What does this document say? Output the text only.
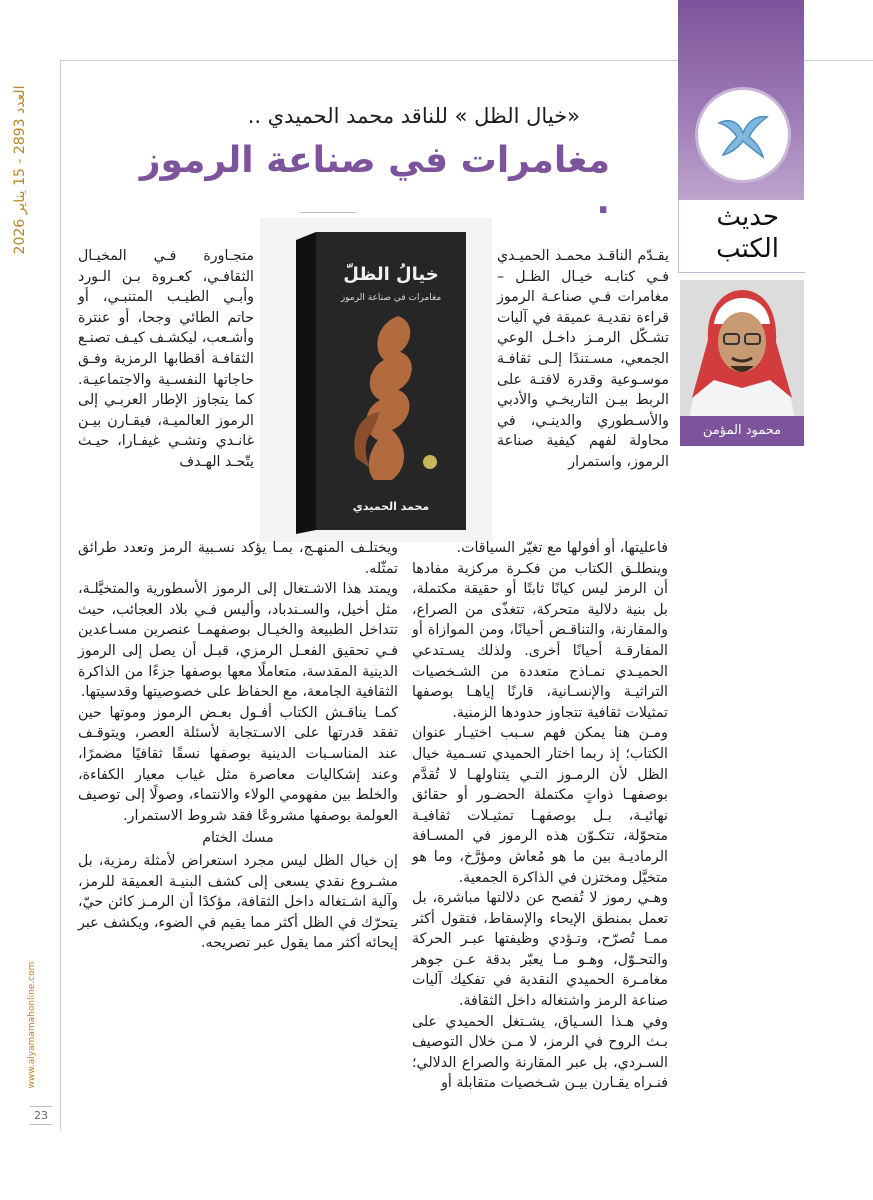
العدد 2893 - 15 يناير 2026
www.alyamamahonline.com
23
حديث
الكتب
محمود المؤمن
«خيال الظل » للناقد محمد الحميدي ..
مغامرات في صناعة الرموز .
خيالُ الظلّ
مغامرات في صناعة الرموز
محمد الحميدي

يقـدّم الناقـد محمـد الحميـدي فـي كتابـه خيـال الظـل – مغامرات فـي صناعـة الرموز قراءة نقديـة عميقة في آليات تشـكّل الرمـز داخـل الوعي الجمعي، مسـتندًا إلـى ثقافـة موسـوعية وقدرة لافتـة على الربط بيـن التاريخـي والأدبي والأسـطوري والدينـي، في محاولة لفهم كيفية صناعة الرموز، واستمرار

متجـاورة فـي المخيـال الثقافـي، كعـروة بـن الـورد وأبـي الطيـب المتنبـي، أو حاتم الطائي وجحا، أو عنترة وأشـعب، ليكشـف كيـف تصنـع الثقافـة أقطابها الرمزية وفـق حاجاتها النفسـية والاجتماعيـة. كما يتجاوز الإطار العربـي إلى الرموز العالميـة، فيقـارن بيـن غانـدي وتشـي غيفـارا، حيـث يتّحـد الهـدف

فاعليتها، أو أفولها مع تغيّر السياقات.

وينطلـق الكتاب من فكـرة مركزية مفادها أن الرمز ليس كيانًا ثابتًا أو حقيقة مكتملة، بل بنية دلالية متحركة، تتغذّى من الصراع، والمقارنة، والتناقـض أحيانًا، ومن الموازاة أو المفارقـة أحيانًا أخرى. ولذلك يسـتدعي الحميـدي نمـاذج متعددة من الشـخصيات التراثيـة والإنسـانية، قارنًا إياهـا بوصفها تمثيلات ثقافية تتجاوز حدودها الزمنية.

ومـن هنا يمكن فهم سـبب اختيـار عنوان الكتاب؛ إذ ربما اختار الحميدي تسـمية خيال الظل لأن الرمـوز التـي يتناولهـا لا تُقدَّم بوصفهـا ذواتٍ مكتملة الحضـور أو حقائق نهائيـة، بـل بوصفهـا تمثيـلات ثقافيـة متحوّلة، تتكـوّن هذه الرموز في المسـافة الرماديـة بين ما هو مُعاش ومؤرَّخ، وما هو متخيَّل ومختزن في الذاكرة الجمعية.

وهـي رموز لا تُفصح عن دلالتها مباشرة، بل تعمل بمنطق الإيحاء والإسقاط، فتقول أكثر ممـا تُصرّح، وتـؤدي وظيفتها عبـر الحركة والتحـوّل، وهـو مـا يعبّر بدقة عـن جوهر مغامـرة الحميدي النقدية في تفكيك آليات صناعة الرمز واشتغاله داخل الثقافة.

وفي هـذا السـياق، يشـتغل الحميدي على بـث الروح في الرمز، لا مـن خلال التوصيف السـردي، بل عبر المقارنة والصراع الدلالي؛ فنـراه يقـارن بيـن شـخصيات متقابلة أو

ويختلـف المنهـج، بمـا يؤكد نسـبية الرمز وتعدد طرائق تمثّله.

ويمتد هذا الاشـتغال إلى الرموز الأسطورية والمتخيَّلـة، مثل أخيل، والسـندباد، وأليس فـي بلاد العجائب، حيث تتداخل الطبيعة والخيـال بوصفهمـا عنصرين مسـاعدين فـي تحقيق الفعـل الرمزي، قبـل أن يصل إلى الرموز الدينية المقدسة، متعاملًا معها بوصفها جزءًا من الذاكرة الثقافية الجامعة، مع الحفاظ على خصوصيتها وقدسيتها.

كمـا يناقـش الكتاب أفـول بعـض الرموز وموتها حين تفقد قدرتها على الاسـتجابة لأسئلة العصر، ويتوقـف عند المناسـبات الدينية بوصفها نسقًا ثقافيًا مضمرًا، وعند إشكاليات معاصرة مثل غياب معيار الكفاءة، والخلط بين مفهومي الولاء والانتماء، وصولًا إلى توصيف العولمة بوصفها مشروعًا فقد شروط الاستمرار.

مسك الختام

إن خيال الظل ليس مجرد استعراض لأمثلة رمزية، بل مشـروع نقدي يسعى إلى كشف البنيـة العميقة للرمز، وآلية اشـتغاله داخل الثقافة، مؤكدًا أن الرمـز كائن حيّ، يتحرّك في الظل أكثر مما يقيم في الضوء، ويكشف عبر إيحائه أكثر مما يقول عبر تصريحه.
